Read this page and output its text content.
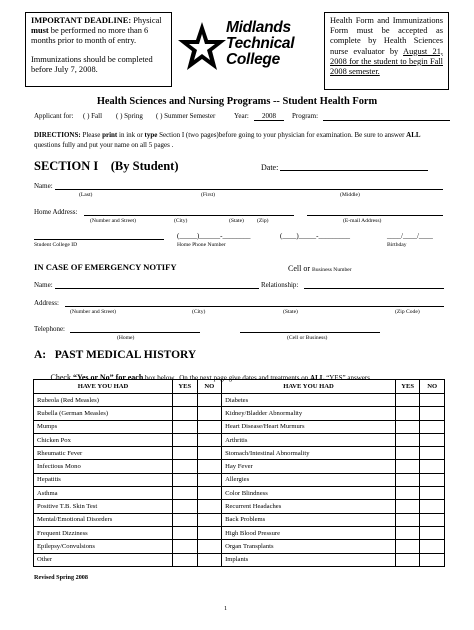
IMPORTANT DEADLINE: Physical
must be performed no more than 6 months prior to month of entry.
Immunizations should be completed before July 7, 2008.
Midlands
Technical
College
Health Form and Immunizations Form must be accepted as complete by Health Sciences nurse evaluator by August 21, 2008 for the student to begin Fall 2008 semester.
Health Sciences and Nursing Programs -- Student Health Form
Applicant for: ( ) Fall ( ) Spring ( ) Summer Semester	Year:	2008	Program:
DIRECTIONS: Please print in ink or type Section I (two pages)before going to your physician for examination. Be sure to answer ALL
questions fully and put your name on all 5 pages .
SECTION I    (By Student)	Date:
Name:
(Last)	(First)	(Middle)
Home Address:
(Number and Street)	(City)	(State) (Zip)	(E-mail Address)
Student College ID
(_____)______-________
Home Phone Number
(____)_____-_________

Cell or Business Number

____/____/____
Birthday
IN CASE OF EMERGENCY NOTIFY
Name:	Relationship:
Address:
(Number and Street)	(City)	(State)	(Zip Code)
Telephone:
(Home)	(Cell or Business)
A:   PAST MEDICAL HISTORY

Check “Yes or No” for each box below.  On the next page give dates and treatments on ALL “YES” answers.

HAVE YOU HAD	YES	NO	HAVE YOU HAD	YES	NO
Rubeola (Red Measles)			Diabetes		
Rubella (German Measles)			Kidney/Bladder Abnormality		
Mumps			Heart Disease/Heart Murmurs		
Chicken Pox			Arthritis		
Rheumatic Fever			Stomach/Intestinal Abnormality		
Infectious Mono			Hay Fever		
Hepatitis			Allergies		
Asthma			Color Blindness		
Positive T.B. Skin Test			Recurrent Headaches		
Mental/Emotional Disorders			Back Problems		
Frequent Dizziness			High Blood Pressure		
Epilepsy/Convulsions			Organ Transplants		
Other			Implants		
Revised Spring 2008
1
